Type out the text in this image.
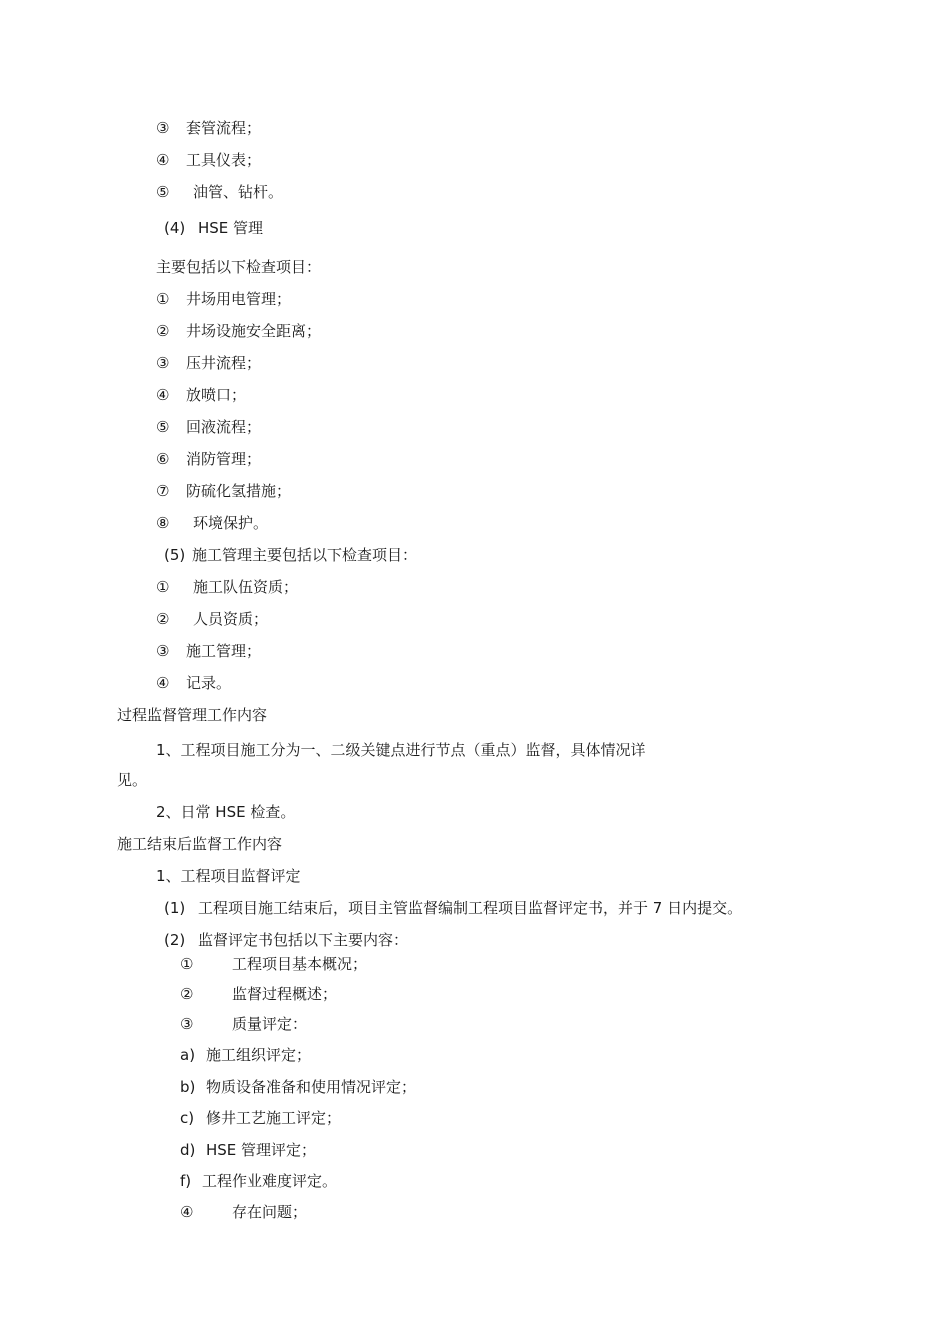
③ 套管流程；
④ 工具仪表；
⑤ 油管、钻杆。
(4) HSE 管理
主要包括以下检查项目：
① 井场用电管理；
② 井场设施安全距离；
③ 压井流程；
④ 放喷口；
⑤ 回液流程；
⑥ 消防管理；
⑦ 防硫化氢措施；
⑧ 环境保护。
(5) 施工管理主要包括以下检查项目：
① 施工队伍资质；
② 人员资质；
③ 施工管理；
④ 记录。
过程监督管理工作内容
1、工程项目施工分为一、二级关键点进行节点（重点）监督，具体情况详
见。
2、日常 HSE 检查。
施工结束后监督工作内容
1、工程项目监督评定
(1) 工程项目施工结束后，项目主管监督编制工程项目监督评定书，并于 7 日内提交。
(2) 监督评定书包括以下主要内容：
①	工程项目基本概况；
②	监督过程概述；
③	质量评定：
a) 施工组织评定；
b) 物质设备准备和使用情况评定；
c) 修井工艺施工评定；
d) HSE 管理评定；
f) 工程作业难度评定。
④	存在问题；
